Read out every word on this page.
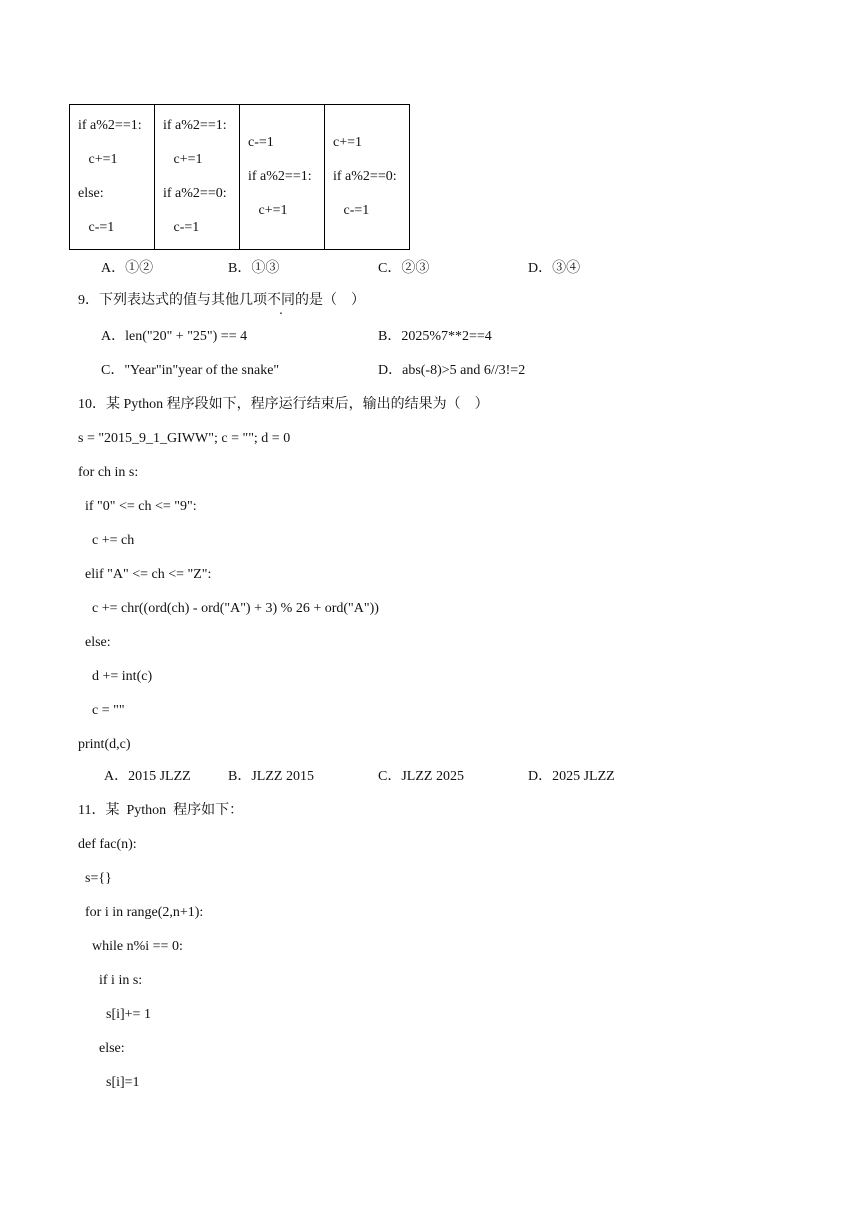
if a%2==1:
c+=1
else:
c-=1

if a%2==1:
c+=1
if a%2==0:
c-=1

c-=1
if a%2==1:
c+=1

c+=1
if a%2==0:
c-=1
A．①②	B．①③	C．②③	D．③④
9．下列表达式的值与其他几项不同的是（    ）
A．len("20" + "25") == 4	B．2025%7**2==4
C．"Year"in"year of the snake"	D．abs(-8)>5 and 6//3!=2
10．某 Python 程序段如下，程序运行结束后，输出的结果为（    ）
s = "2015_9_1_GIWW"; c = ""; d = 0
for ch in s:
if "0" <= ch <= "9":
c += ch
elif "A" <= ch <= "Z":
c += chr((ord(ch) - ord("A") + 3) % 26 + ord("A"))
else:
d += int(c)
c = ""
print(d,c)
A．2015 JLZZ	B．JLZZ 2015	C．JLZZ 2025	D．2025 JLZZ
11．某  Python  程序如下：
def fac(n):
s={}
for i in range(2,n+1):
while n%i == 0:
if i in s:
s[i]+= 1
else:
s[i]=1
